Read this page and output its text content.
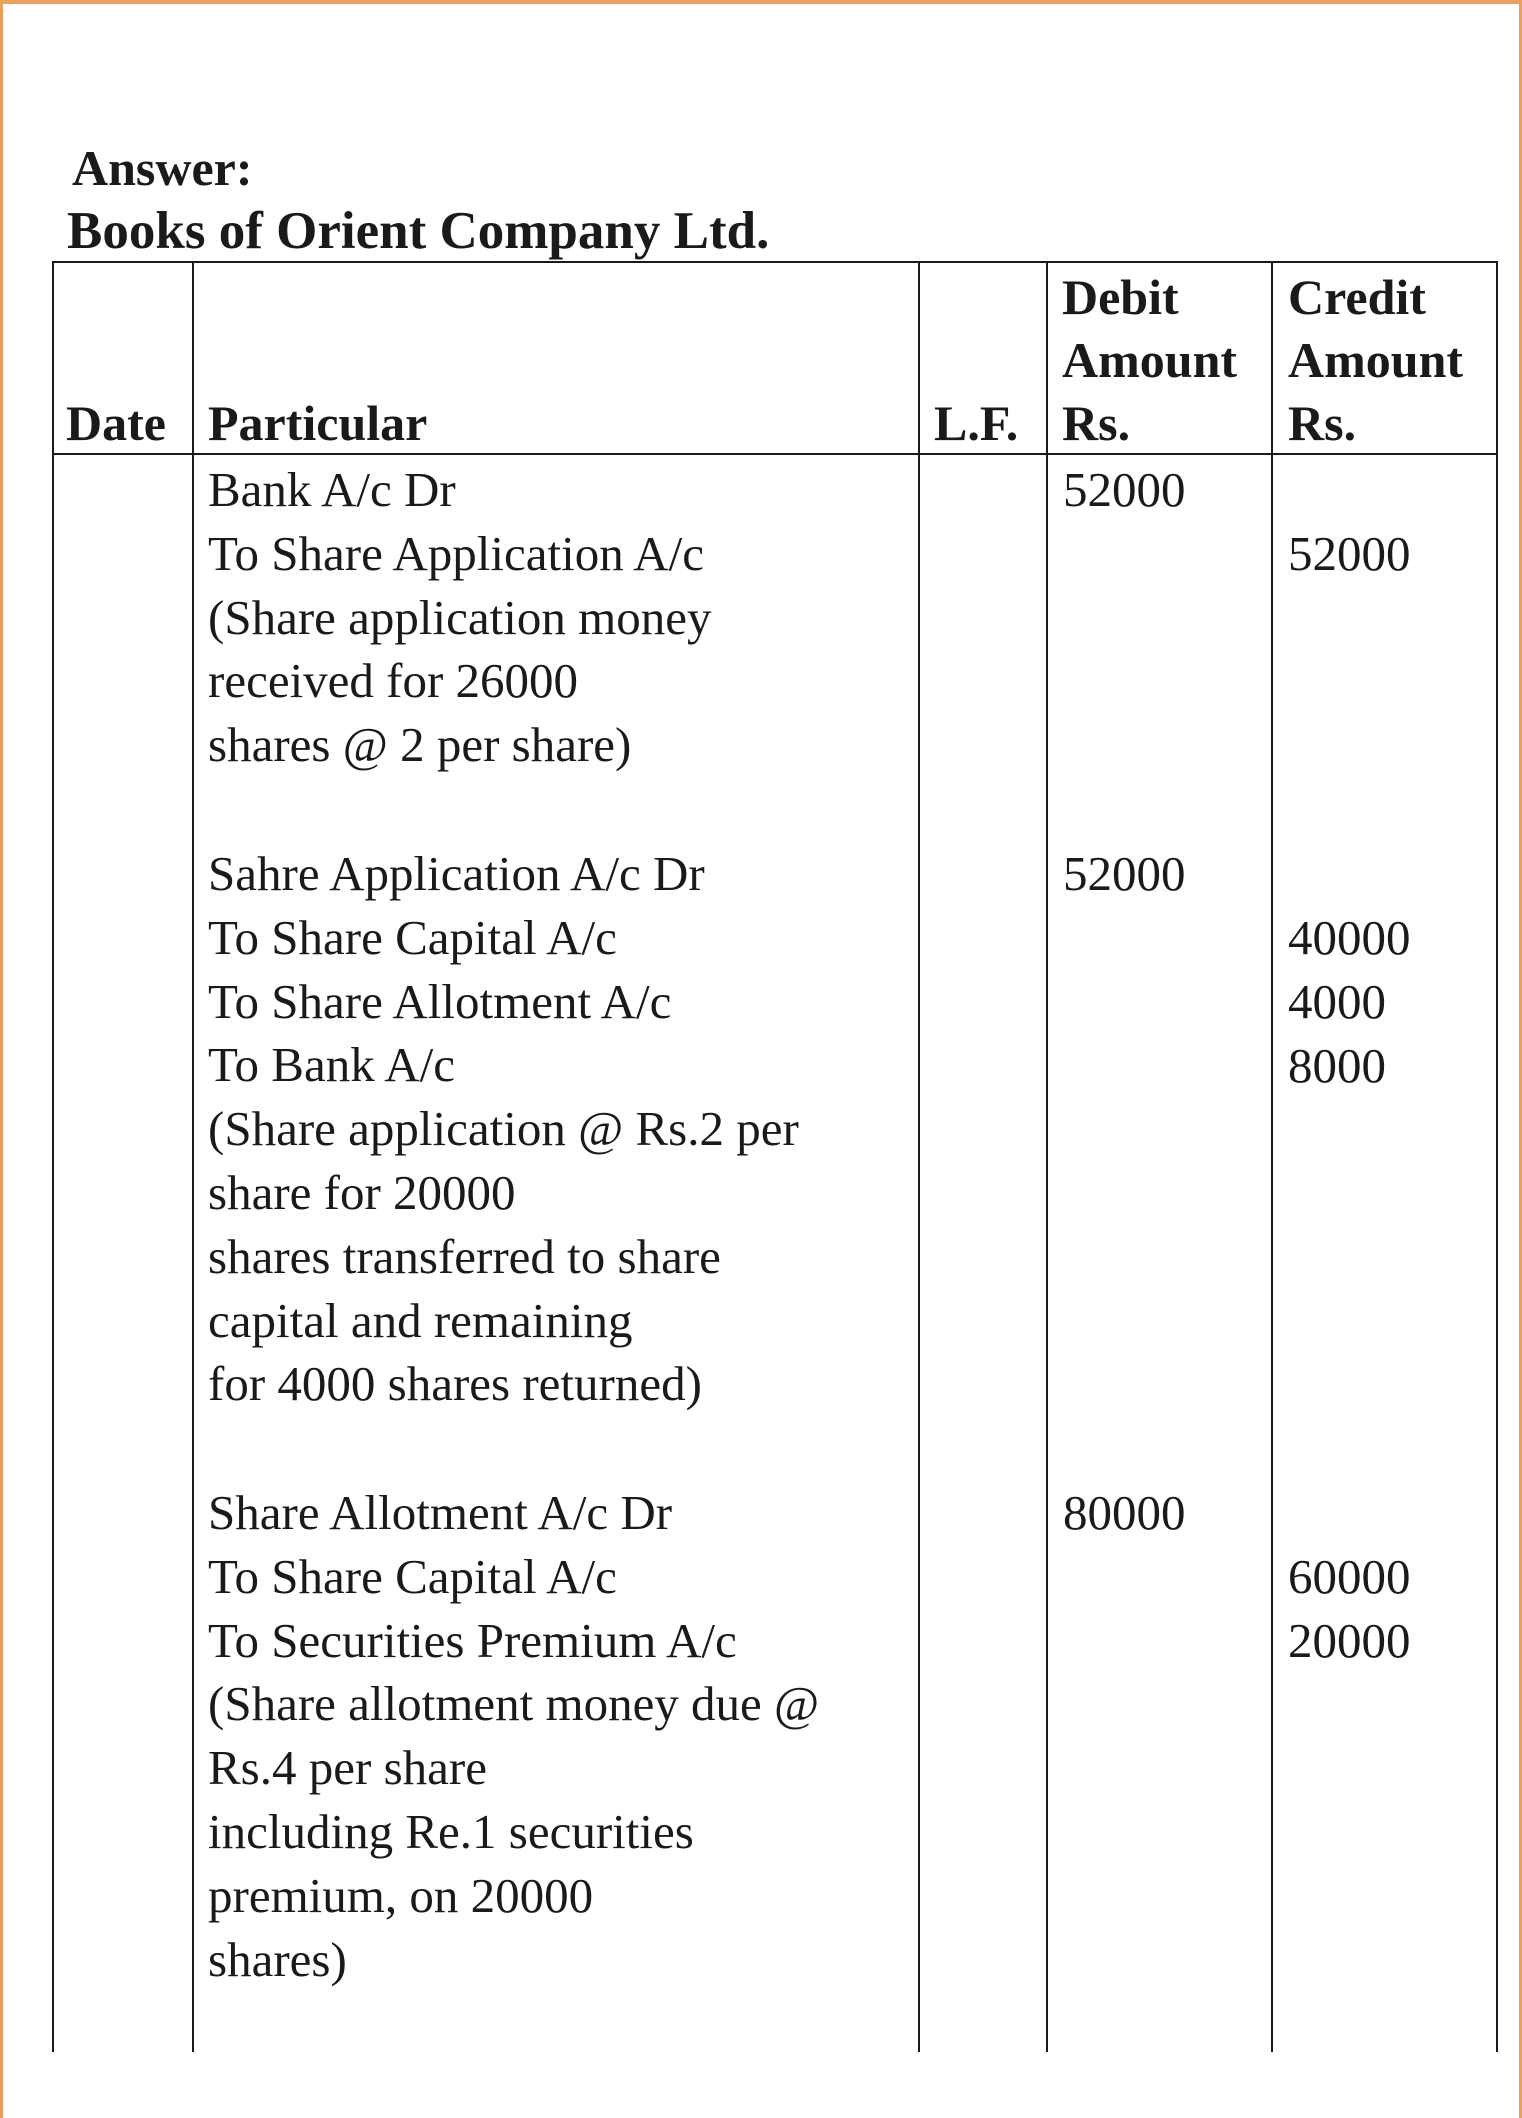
Answer:
Books of Orient Company Ltd.
Date Particular	L.F.
Debit
Amount
Rs.
Credit
Amount
Rs.
Bank A/c Dr
To Share Application A/c
(Share application money
received for 26000
shares @ 2 per share)
52000
52000
Sahre Application A/c Dr
To Share Capital A/c
To Share Allotment A/c
To Bank A/c
(Share application @ Rs.2 per
share for 20000
shares transferred to share
capital and remaining
for 4000 shares returned)
52000
40000
4000
8000
Share Allotment A/c Dr
To Share Capital A/c
To Securities Premium A/c
(Share allotment money due @
Rs.4 per share
including Re.1 securities
premium, on 20000
shares)
80000
60000
20000
